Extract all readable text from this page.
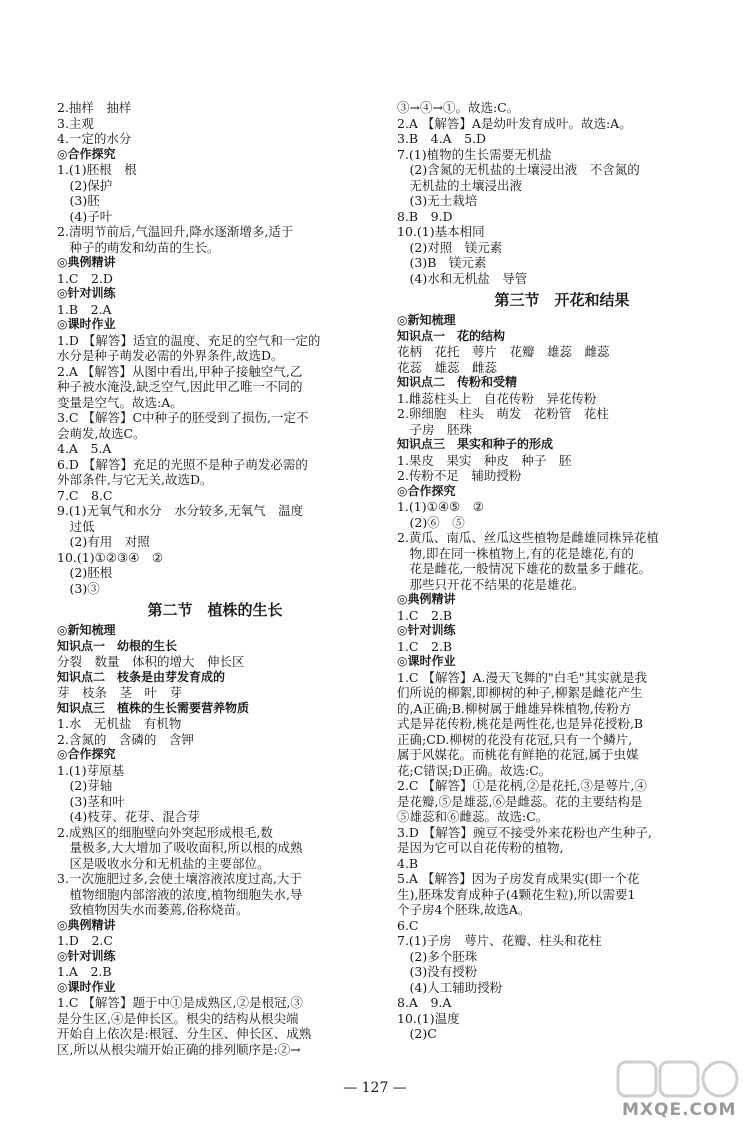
2.抽样　抽样
3.主观
4.一定的水分
◎合作探究
1.(1)胚根　根
　(2)保护
　(3)胚
　(4)子叶
2.清明节前后,气温回升,降水逐渐增多,适于
　种子的萌发和幼苗的生长。
◎典例精讲
1.C　2.D
◎针对训练
1.B　2.A
◎课时作业
1.D 【解答】适宜的温度、充足的空气和一定的
水分是种子萌发必需的外界条件,故选D。
2.A 【解答】从图中看出,甲种子接触空气,乙
种子被水淹没,缺乏空气,因此甲乙唯一不同的
变量是空气。故选:A。
3.C 【解答】C中种子的胚受到了损伤,一定不
会萌发,故选C。
4.A　5.A
6.D 【解答】充足的光照不是种子萌发必需的
外部条件,与它无关,故选D。
7.C　8.C
9.(1)无氧气和水分　水分较多,无氧气　温度
　过低
　(2)有用　对照
10.(1)①②③④　②
　(2)胚根
　(3)③
第二节　植株的生长
◎新知梳理
知识点一　幼根的生长
分裂　数量　体积的增大　伸长区
知识点二　枝条是由芽发育成的
芽　枝条　茎　叶　芽
知识点三　植株的生长需要营养物质
1.水　无机盐　有机物
2.含氮的　含磷的　含钾
◎合作探究
1.(1)芽原基
　(2)芽轴
　(3)茎和叶
　(4)枝芽、花芽、混合芽
2.成熟区的细胞壁向外突起形成根毛,数
　量极多,大大增加了吸收面积,所以根的成熟
　区是吸收水分和无机盐的主要部位。
3.一次施肥过多,会使土壤溶液浓度过高,大于
　植物细胞内部溶液的浓度,植物细胞失水,导
　致植物因失水而萎蔫,俗称烧苗。
◎典例精讲
1.D　2.C
◎针对训练
1.A　2.B
◎课时作业
1.C 【解答】题于中①是成熟区,②是根冠,③
是分生区,④是伸长区。根尖的结构从根尖端
开始自上依次是:根冠、分生区、伸长区、成熟
区,所以从根尖端开始正确的排列顺序是:②→
③→④→①。故选:C。
2.A 【解答】A是幼叶发育成叶。故选:A。
3.B　4.A　5.D
7.(1)植物的生长需要无机盐
　(2)含氮的无机盐的土壤浸出液　不含氮的
　无机盐的土壤浸出液
　(3)无土栽培
8.B　9.D
10.(1)基本相同
　(2)对照　镁元素
　(3)B　镁元素
　(4)水和无机盐　导管
第三节　开花和结果
◎新知梳理
知识点一　花的结构
花柄　花托　萼片　花瓣　雄蕊　雌蕊
花蕊　雄蕊　雌蕊
知识点二　传粉和受精
1.雌蕊柱头上　自花传粉　异花传粉
2.卵细胞　柱头　萌发　花粉管　花柱
　子房　胚珠
知识点三　果实和种子的形成
1.果皮　果实　种皮　种子　胚
2.传粉不足　辅助授粉
◎合作探究
1.(1)①④⑤　②
　(2)⑥　⑤
2.黄瓜、南瓜、丝瓜这些植物是雌雄同株异花植
　物,即在同一株植物上,有的花是雄花,有的
　花是雌花,一般情况下雄花的数量多于雌花。
　那些只开花不结果的花是雄花。
◎典例精讲
1.C　2.B
◎针对训练
1.C　2.B
◎课时作业
1.C 【解答】A.漫天飞舞的"白毛"其实就是我
们所说的柳絮,即柳树的种子,柳絮是雌花产生
的,A正确;B.柳树属于雌雄异株植物,传粉方
式是异花传粉,桃花是两性花,也是异花授粉,B
正确;CD.柳树的花没有花冠,只有一个鳞片,
属于风媒花。而桃花有鲜艳的花冠,属于虫媒
花;C错误;D正确。故选:C。
2.C 【解答】①是花柄,②是花托,③是萼片,④
是花瓣,⑤是雄蕊,⑥是雌蕊。花的主要结构是
⑤雄蕊和⑥雌蕊。故选:C。
3.D 【解答】豌豆不接受外来花粉也产生种子,
是因为它可以自花传粉的植物,
4.B
5.A 【解答】因为子房发育成果实(即一个花
生),胚珠发育成种子(4颗花生粒),所以需要1
个子房4个胚珠,故选A。
6.C
7.(1)子房　萼片、花瓣、柱头和花柱
　(2)多个胚珠
　(3)没有授粉
　(4)人工辅助授粉
8.A　9.A
10.(1)温度
　(2)C
— 127 —
MXQE.COM
